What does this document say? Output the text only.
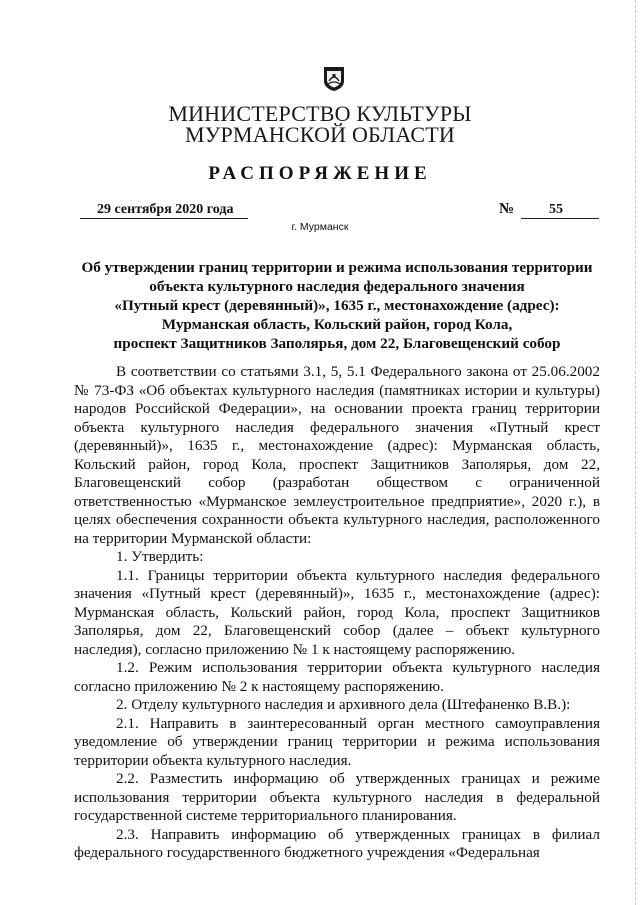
МИНИСТЕРСТВО КУЛЬТУРЫ
МУРМАНСКОЙ ОБЛАСТИ
РАСПОРЯЖЕНИЕ
29 сентября 2020 года	№ 55
г. Мурманск
Об утверждении границ территории и режима использования территории
объекта культурного наследия федерального значения
«Путный крест (деревянный)», 1635 г., местонахождение (адрес):
Мурманская область, Кольский район, город Кола,
проспект Защитников Заполярья, дом 22, Благовещенский собор

В соответствии со статьями 3.1, 5, 5.1 Федерального закона от 25.06.2002 № 73-ФЗ «Об объектах культурного наследия (памятниках истории и культуры) народов Российской Федерации», на основании проекта границ территории объекта культурного наследия федерального значения «Путный крест (деревянный)», 1635 г., местонахождение (адрес): Мурманская область, Кольский район, город Кола, проспект Защитников Заполярья, дом 22, Благовещенский собор (разработан обществом с ограниченной ответственностью «Мурманское землеустроительное предприятие», 2020 г.), в целях обеспечения сохранности объекта культурного наследия, расположенного на территории Мурманской области:

1. Утвердить:

1.1. Границы территории объекта культурного наследия федерального значения «Путный крест (деревянный)», 1635 г., местонахождение (адрес): Мурманская область, Кольский район, город Кола, проспект Защитников Заполярья, дом 22, Благовещенский собор (далее – объект культурного наследия), согласно приложению № 1 к настоящему распоряжению.

1.2. Режим использования территории объекта культурного наследия согласно приложению № 2 к настоящему распоряжению.

2. Отделу культурного наследия и архивного дела (Штефаненко В.В.):

2.1. Направить в заинтересованный орган местного самоуправления уведомление об утверждении границ территории и режима использования территории объекта культурного наследия.

2.2. Разместить информацию об утвержденных границах и режиме использования территории объекта культурного наследия в федеральной государственной системе территориального планирования.

2.3. Направить информацию об утвержденных границах в филиал федерального государственного бюджетного учреждения «Федеральная
